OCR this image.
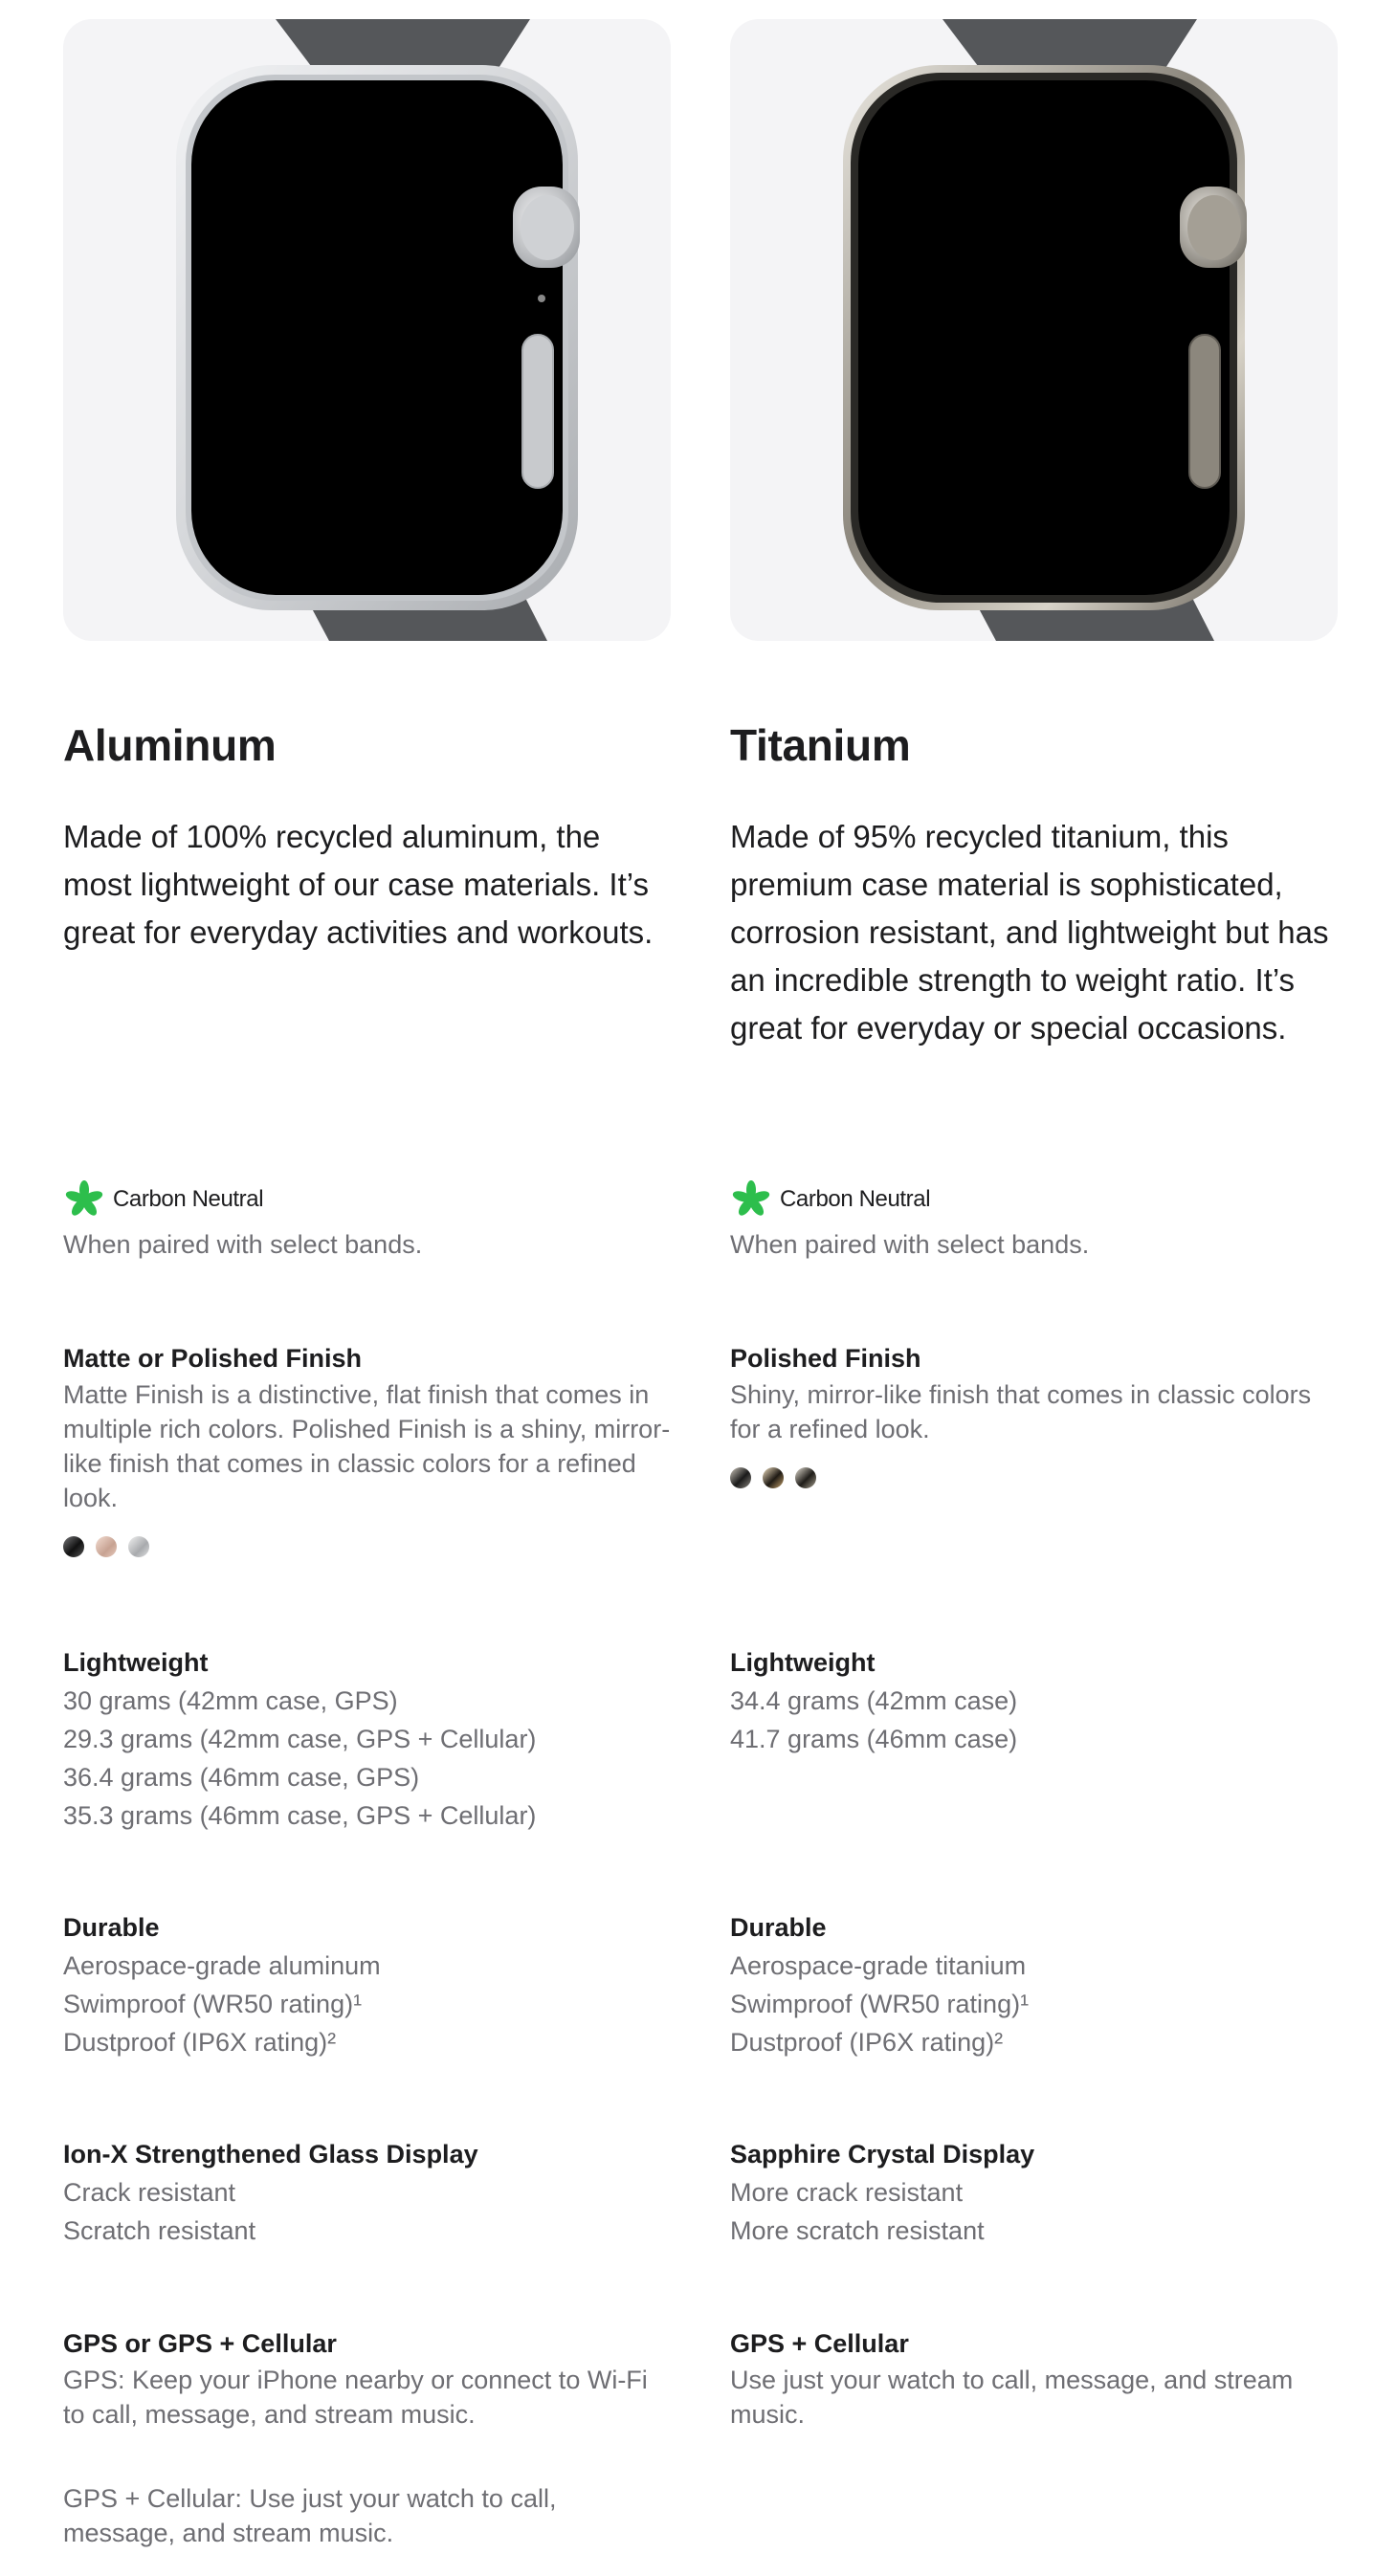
Aluminum
Made of 100% recycled aluminum, the most lightweight of our case materials. It’s great for everyday activities and workouts.
Carbon Neutral
When paired with select bands.
Matte or Polished Finish
Matte Finish is a distinctive, flat finish that comes in multiple rich colors. Polished Finish is a shiny, mirror-like finish that comes in classic colors for a refined look.
Lightweight
30 grams (42mm case, GPS)
29.3 grams (42mm case, GPS + Cellular)
36.4 grams (46mm case, GPS)
35.3 grams (46mm case, GPS + Cellular)
Durable
Aerospace-grade aluminum
Swimproof (WR50 rating)¹
Dustproof (IP6X rating)²
Ion-X Strengthened Glass Display
Crack resistant
Scratch resistant
GPS or GPS + Cellular
GPS: Keep your iPhone nearby or connect to Wi‑Fi to call, message, and stream music.
GPS + Cellular: Use just your watch to call, message, and stream music.
Titanium
Made of 95% recycled titanium, this premium case material is sophisticated, corrosion resistant, and lightweight but has an incredible strength to weight ratio. It’s great for everyday or special occasions.
Carbon Neutral
When paired with select bands.
Polished Finish
Shiny, mirror-like finish that comes in classic colors for a refined look.
Lightweight
34.4 grams (42mm case)
41.7 grams (46mm case)
Durable
Aerospace-grade titanium
Swimproof (WR50 rating)¹
Dustproof (IP6X rating)²
Sapphire Crystal Display
More crack resistant
More scratch resistant
GPS + Cellular
Use just your watch to call, message, and stream music.
